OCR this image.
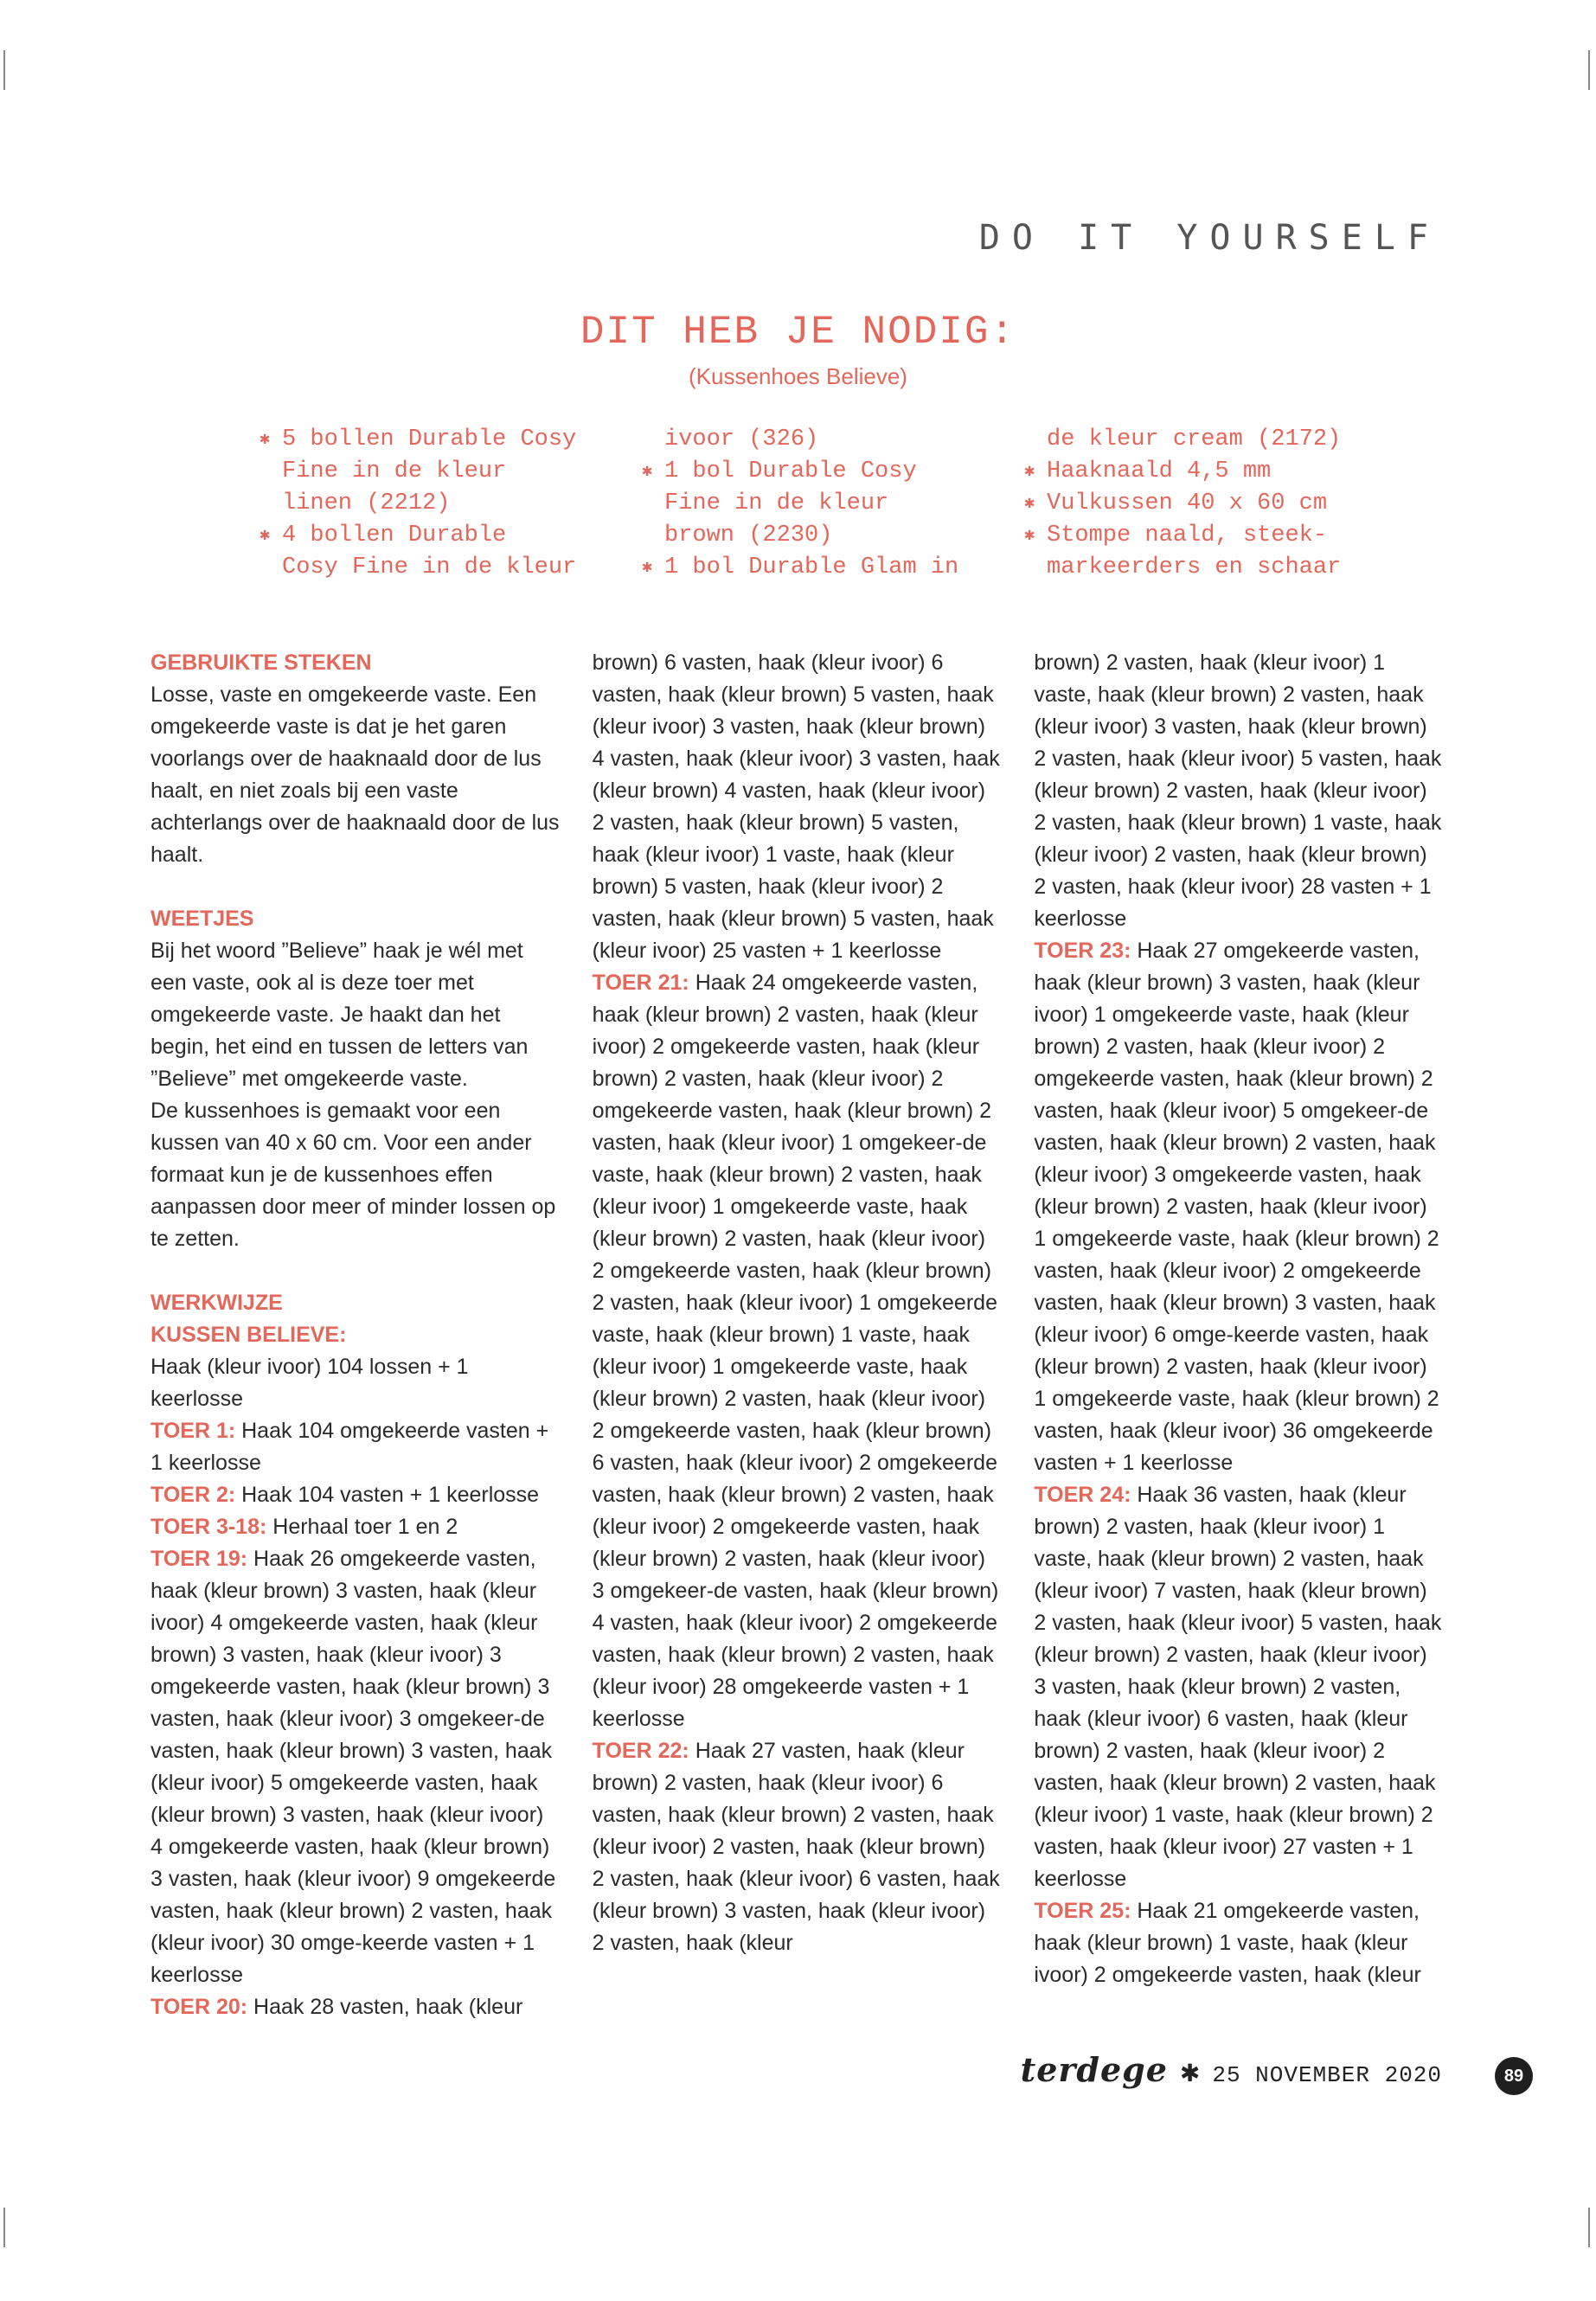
DO IT YOURSELF
DIT HEB JE NODIG:
(Kussenhoes Believe)
✱ 5 bollen Durable Cosy
Fine in de kleur
linen (2212)
✱ 4 bollen Durable
Cosy Fine in de kleur
ivoor (326)
✱ 1 bol Durable Cosy
Fine in de kleur
brown (2230)
✱ 1 bol Durable Glam in
de kleur cream (2172)
✱ Haaknaald 4,5 mm
✱ Vulkussen 40 x 60 cm
✱ Stompe naald, steek-
markeerders en schaar

GEBRUIKTE STEKEN

Losse, vaste en omgekeerde vaste. Een omgekeerde vaste is dat je het garen voorlangs over de haaknaald door de lus haalt, en niet zoals bij een vaste achterlangs over de haaknaald door de lus haalt.

WEETJES

Bij het woord ”Believe” haak je wél met een vaste, ook al is deze toer met omgekeerde vaste. Je haakt dan het begin, het eind en tussen de letters van ”Believe” met omgekeerde vaste.

De kussenhoes is gemaakt voor een kussen van 40 x 60 cm. Voor een ander formaat kun je de kussenhoes effen aanpassen door meer of minder lossen op te zetten.

WERKWIJZE

KUSSEN BELIEVE:

Haak (kleur ivoor) 104 lossen + 1 keerlosse

TOER 1: Haak 104 omgekeerde vasten + 1 keerlosse

TOER 2: Haak 104 vasten + 1 keerlosse

TOER 3-18: Herhaal toer 1 en 2

TOER 19: Haak 26 omgekeerde vasten, haak (kleur brown) 3 vasten, haak (kleur ivoor) 4 omgekeerde vasten, haak (kleur brown) 3 vasten, haak (kleur ivoor) 3 omgekeerde vasten, haak (kleur brown) 3 vasten, haak (kleur ivoor) 3 omgekeer-de vasten, haak (kleur brown) 3 vasten, haak (kleur ivoor) 5 omgekeerde vasten, haak (kleur brown) 3 vasten, haak (kleur ivoor) 4 omgekeerde vasten, haak (kleur brown) 3 vasten, haak (kleur ivoor) 9 omgekeerde vasten, haak (kleur brown) 2 vasten, haak (kleur ivoor) 30 omge-keerde vasten + 1 keerlosse

TOER 20: Haak 28 vasten, haak (kleur

brown) 6 vasten, haak (kleur ivoor) 6 vasten, haak (kleur brown) 5 vasten, haak (kleur ivoor) 3 vasten, haak (kleur brown) 4 vasten, haak (kleur ivoor) 3 vasten, haak (kleur brown) 4 vasten, haak (kleur ivoor) 2 vasten, haak (kleur brown) 5 vasten, haak (kleur ivoor) 1 vaste, haak (kleur brown) 5 vasten, haak (kleur ivoor) 2 vasten, haak (kleur brown) 5 vasten, haak (kleur ivoor) 25 vasten + 1 keerlosse

TOER 21: Haak 24 omgekeerde vasten, haak (kleur brown) 2 vasten, haak (kleur ivoor) 2 omgekeerde vasten, haak (kleur brown) 2 vasten, haak (kleur ivoor) 2 omgekeerde vasten, haak (kleur brown) 2 vasten, haak (kleur ivoor) 1 omgekeer-de vaste, haak (kleur brown) 2 vasten, haak (kleur ivoor) 1 omgekeerde vaste, haak (kleur brown) 2 vasten, haak (kleur ivoor) 2 omgekeerde vasten, haak (kleur brown) 2 vasten, haak (kleur ivoor) 1 omgekeerde vaste, haak (kleur brown) 1 vaste, haak (kleur ivoor) 1 omgekeerde vaste, haak (kleur brown) 2 vasten, haak (kleur ivoor) 2 omgekeerde vasten, haak (kleur brown) 6 vasten, haak (kleur ivoor) 2 omgekeerde vasten, haak (kleur brown) 2 vasten, haak (kleur ivoor) 2 omgekeerde vasten, haak (kleur brown) 2 vasten, haak (kleur ivoor) 3 omgekeer-de vasten, haak (kleur brown) 4 vasten, haak (kleur ivoor) 2 omgekeerde vasten, haak (kleur brown) 2 vasten, haak (kleur ivoor) 28 omgekeerde vasten + 1 keerlosse

TOER 22: Haak 27 vasten, haak (kleur brown) 2 vasten, haak (kleur ivoor) 6 vasten, haak (kleur brown) 2 vasten, haak (kleur ivoor) 2 vasten, haak (kleur brown) 2 vasten, haak (kleur ivoor) 6 vasten, haak (kleur brown) 3 vasten, haak (kleur ivoor) 2 vasten, haak (kleur

brown) 2 vasten, haak (kleur ivoor) 1 vaste, haak (kleur brown) 2 vasten, haak (kleur ivoor) 3 vasten, haak (kleur brown) 2 vasten, haak (kleur ivoor) 5 vasten, haak (kleur brown) 2 vasten, haak (kleur ivoor) 2 vasten, haak (kleur brown) 1 vaste, haak (kleur ivoor) 2 vasten, haak (kleur brown) 2 vasten, haak (kleur ivoor) 28 vasten + 1 keerlosse

TOER 23: Haak 27 omgekeerde vasten, haak (kleur brown) 3 vasten, haak (kleur ivoor) 1 omgekeerde vaste, haak (kleur brown) 2 vasten, haak (kleur ivoor) 2 omgekeerde vasten, haak (kleur brown) 2 vasten, haak (kleur ivoor) 5 omgekeer-de vasten, haak (kleur brown) 2 vasten, haak (kleur ivoor) 3 omgekeerde vasten, haak (kleur brown) 2 vasten, haak (kleur ivoor) 1 omgekeerde vaste, haak (kleur brown) 2 vasten, haak (kleur ivoor) 2 omgekeerde vasten, haak (kleur brown) 3 vasten, haak (kleur ivoor) 6 omge-keerde vasten, haak (kleur brown) 2 vasten, haak (kleur ivoor) 1 omgekeerde vaste, haak (kleur brown) 2 vasten, haak (kleur ivoor) 36 omgekeerde vasten + 1 keerlosse

TOER 24: Haak 36 vasten, haak (kleur brown) 2 vasten, haak (kleur ivoor) 1 vaste, haak (kleur brown) 2 vasten, haak (kleur ivoor) 7 vasten, haak (kleur brown) 2 vasten, haak (kleur ivoor) 5 vasten, haak (kleur brown) 2 vasten, haak (kleur ivoor) 3 vasten, haak (kleur brown) 2 vasten, haak (kleur ivoor) 6 vasten, haak (kleur brown) 2 vasten, haak (kleur ivoor) 2 vasten, haak (kleur brown) 2 vasten, haak (kleur ivoor) 1 vaste, haak (kleur brown) 2 vasten, haak (kleur ivoor) 27 vasten + 1 keerlosse

TOER 25: Haak 21 omgekeerde vasten, haak (kleur brown) 1 vaste, haak (kleur ivoor) 2 omgekeerde vasten, haak (kleur

terdege ✱ 25 NOVEMBER 2020	89
